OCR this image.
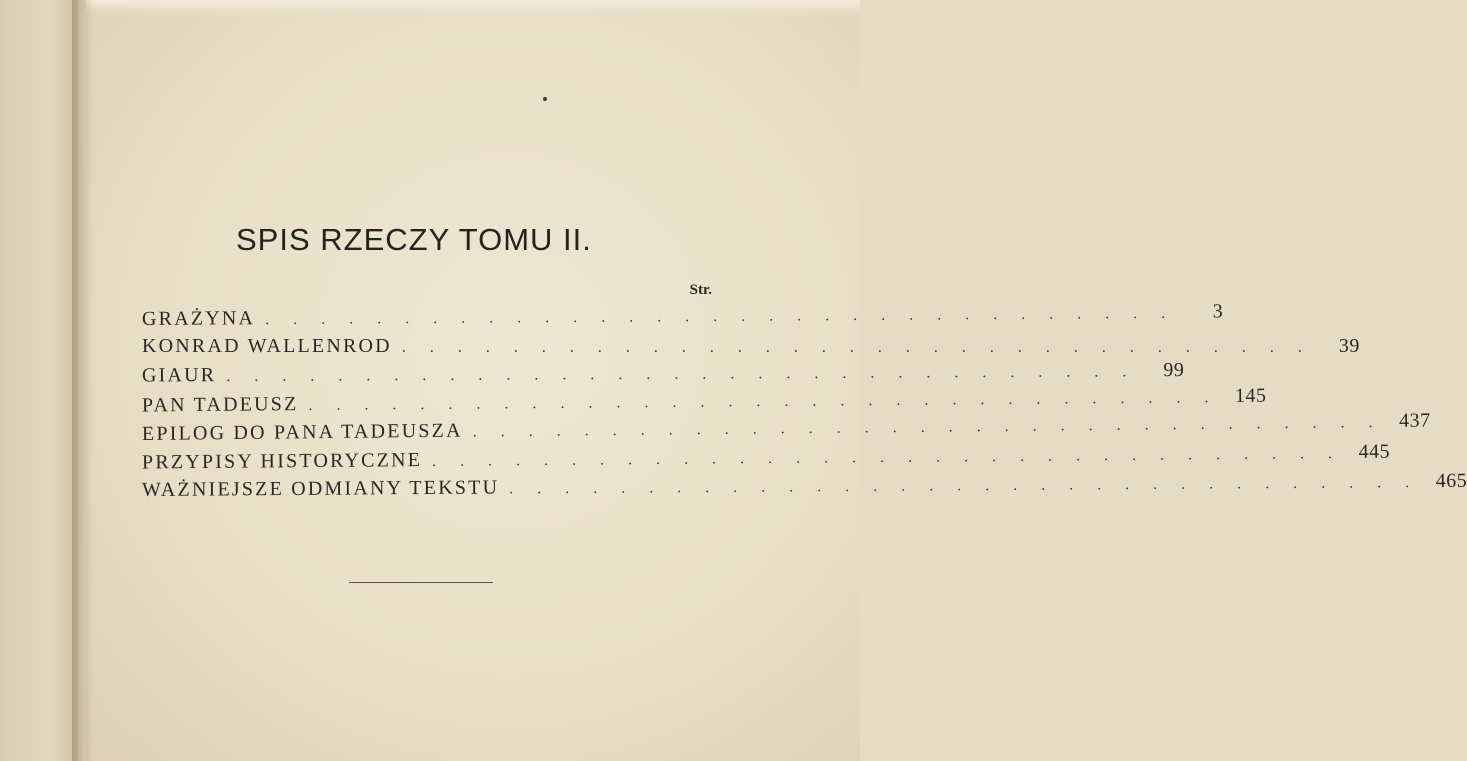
SPIS RZECZY TOMU II.
Str.
GRAŻYNA . . . . . . . . . . . . . . . . . . . . . . . . . . . . . . . . .	3
KONRAD WALLENROD . . . . . . . . . . . . . . . . . . . . . . . . . . . . . . . . .	39
GIAUR . . . . . . . . . . . . . . . . . . . . . . . . . . . . . . . . .	99
PAN TADEUSZ . . . . . . . . . . . . . . . . . . . . . . . . . . . . . . . . . 145
EPILOG DO PANA TADEUSZA . . . . . . . . . . . . . . . . . . . . . . . . . . . . . . . . . 437
PRZYPISY HISTORYCZNE . . . . . . . . . . . . . . . . . . . . . . . . . . . . . . . . . 445
WAŻNIEJSZE ODMIANY TEKSTU . . . . . . . . . . . . . . . . . . . . . . . . . . . . . . . . . 465
